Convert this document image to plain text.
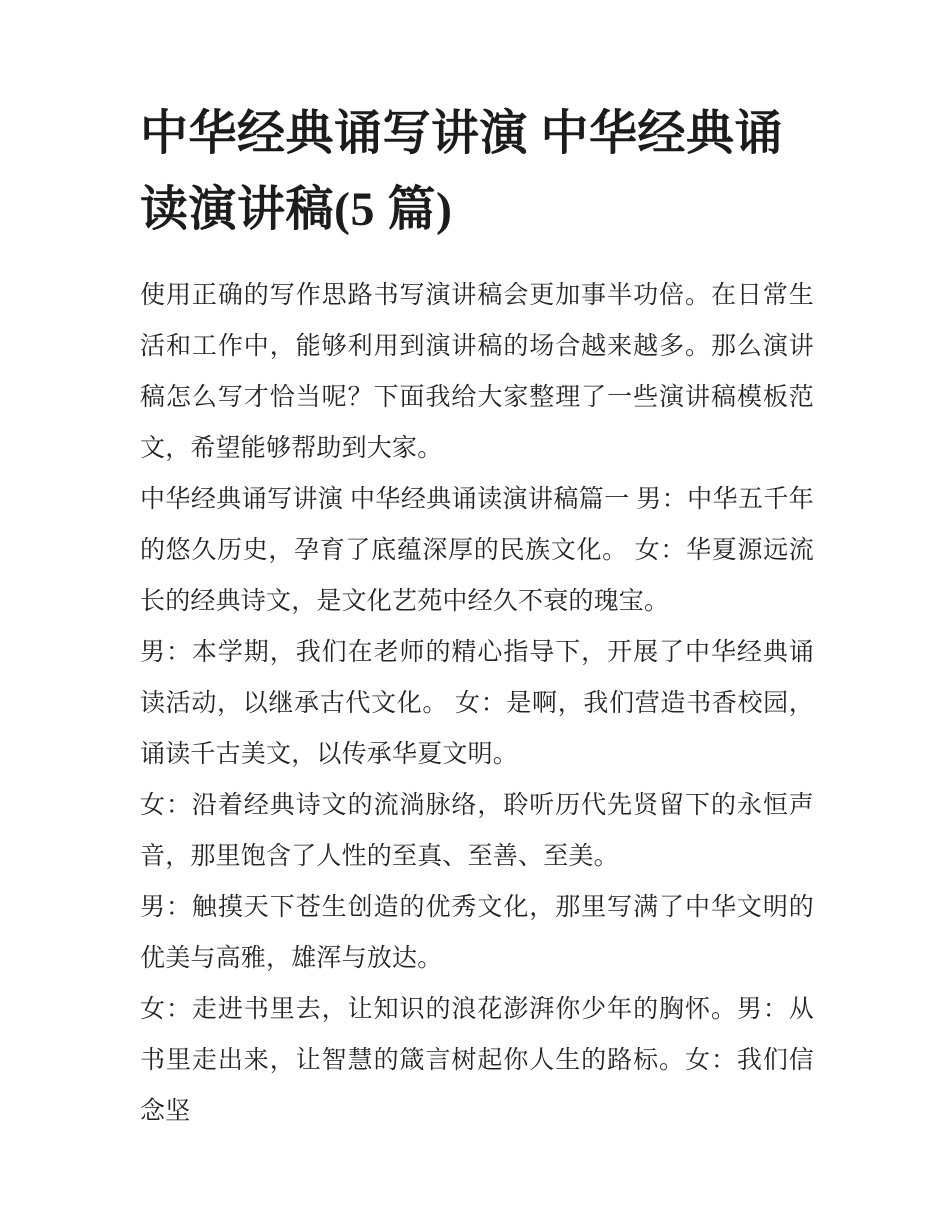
中华经典诵写讲演 中华经典诵读演讲稿(5 篇)

使用正确的写作思路书写演讲稿会更加事半功倍。在日常生活和工作中，能够利用到演讲稿的场合越来越多。那么演讲稿怎么写才恰当呢？下面我给大家整理了一些演讲稿模板范文，希望能够帮助到大家。

中华经典诵写讲演 中华经典诵读演讲稿篇一 男：中华五千年的悠久历史，孕育了底蕴深厚的民族文化。 女：华夏源远流长的经典诗文，是文化艺苑中经久不衰的瑰宝。

男：本学期，我们在老师的精心指导下，开展了中华经典诵读活动，以继承古代文化。 女：是啊，我们营造书香校园，诵读千古美文，以传承华夏文明。

女：沿着经典诗文的流淌脉络，聆听历代先贤留下的永恒声音，那里饱含了人性的至真、至善、至美。

男：触摸天下苍生创造的优秀文化，那里写满了中华文明的优美与高雅，雄浑与放达。

女：走进书里去，让知识的浪花澎湃你少年的胸怀。男：从书里走出来，让智慧的箴言树起你人生的路标。女：我们信念坚
